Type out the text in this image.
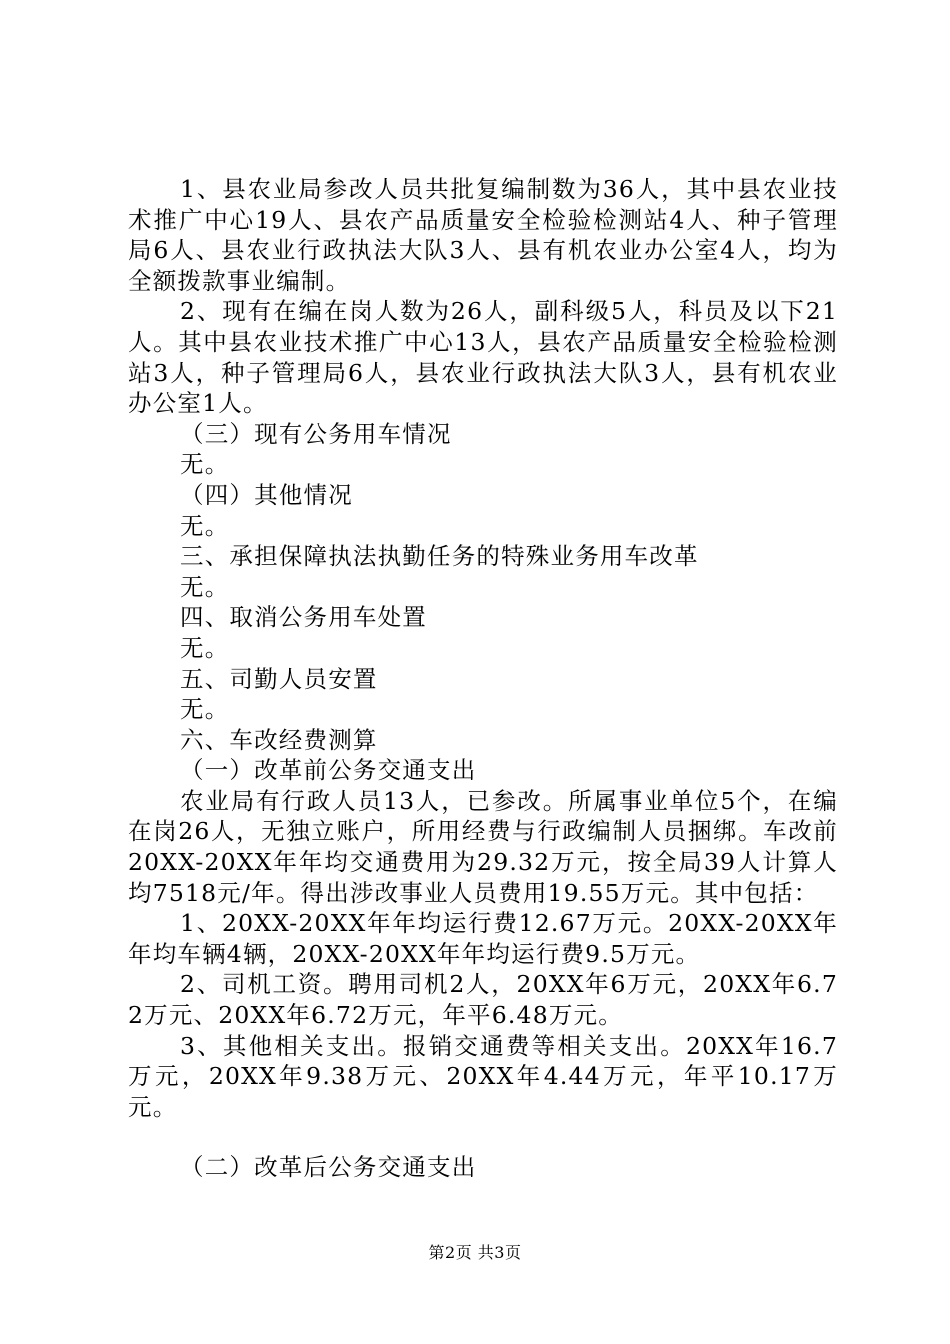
1、县农业局参改人员共批复编制数为36人，其中县农业技术推广中心19人、县农产品质量安全检验检测站4人、种子管理局6人、县农业行政执法大队3人、县有机农业办公室4人，均为全额拨款事业编制。

2、现有在编在岗人数为26人，副科级5人，科员及以下21人。其中县农业技术推广中心13人，县农产品质量安全检验检测站3人，种子管理局6人，县农业行政执法大队3人，县有机农业办公室1人。

（三）现有公务用车情况

无。

（四）其他情况

无。

三、承担保障执法执勤任务的特殊业务用车改革

无。

四、取消公务用车处置

无。

五、司勤人员安置

无。

六、车改经费测算

（一）改革前公务交通支出

农业局有行政人员13人，已参改。所属事业单位5个，在编在岗26人，无独立账户，所用经费与行政编制人员捆绑。车改前20XX-20XX年年均交通费用为29.32万元，按全局39人计算人均7518元/年。得出涉改事业人员费用19.55万元。其中包括：

1、20XX-20XX年年均运行费12.67万元。20XX-20XX年年均车辆4辆，20XX-20XX年年均运行费9.5万元。

2、司机工资。聘用司机2人，20XX年6万元，20XX年6.72万元、20XX年6.72万元，年平6.48万元。

3、其他相关支出。报销交通费等相关支出。20XX年16.7万元，20XX年9.38万元、20XX年4.44万元，年平10.17万元。

（二）改革后公务交通支出

第2页 共3页
